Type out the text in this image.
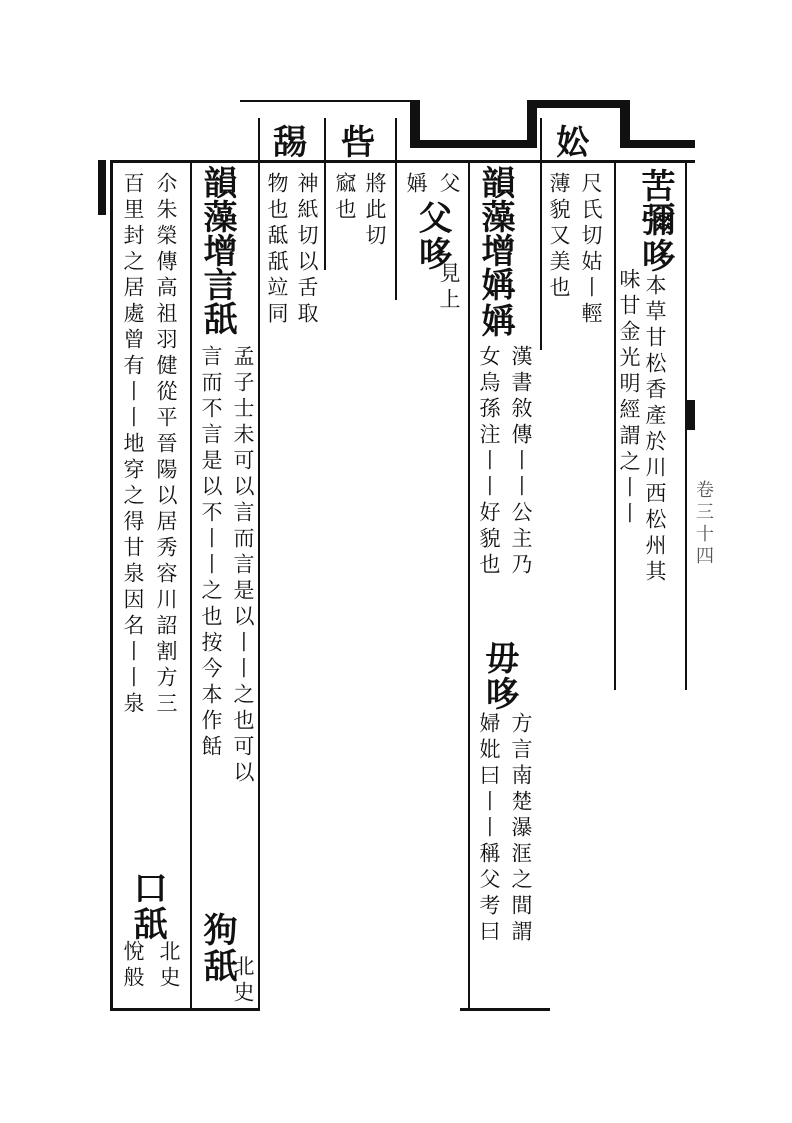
妐
呰
舓
苦彌哆本草甘松香產於川西松州其
味甘金光明經謂之丨丨
尺氏切姑丨輕
薄貌又美也
韻藻增㛵㛵
漢書敘傳丨丨公主乃
女烏孫注丨丨好貌也
毋哆
方言南楚瀑洭之間謂
婦妣曰丨丨稱父考曰
父
父哆
見上
㛵
將此切
窳也
神紙切以舌取
物也䑛舐竝同
韻藻增言舐
孟子士未可以言而言是以丨丨之也可以
言而不言是以不丨丨之也按今本作餂
狗舐
北史
尒朱榮傳高祖羽健從平晉陽以居秀容川詔割方三
百里封之居處曾有丨丨地穿之得甘泉因名丨丨泉
口舐
北史
悅般
卷三十四
